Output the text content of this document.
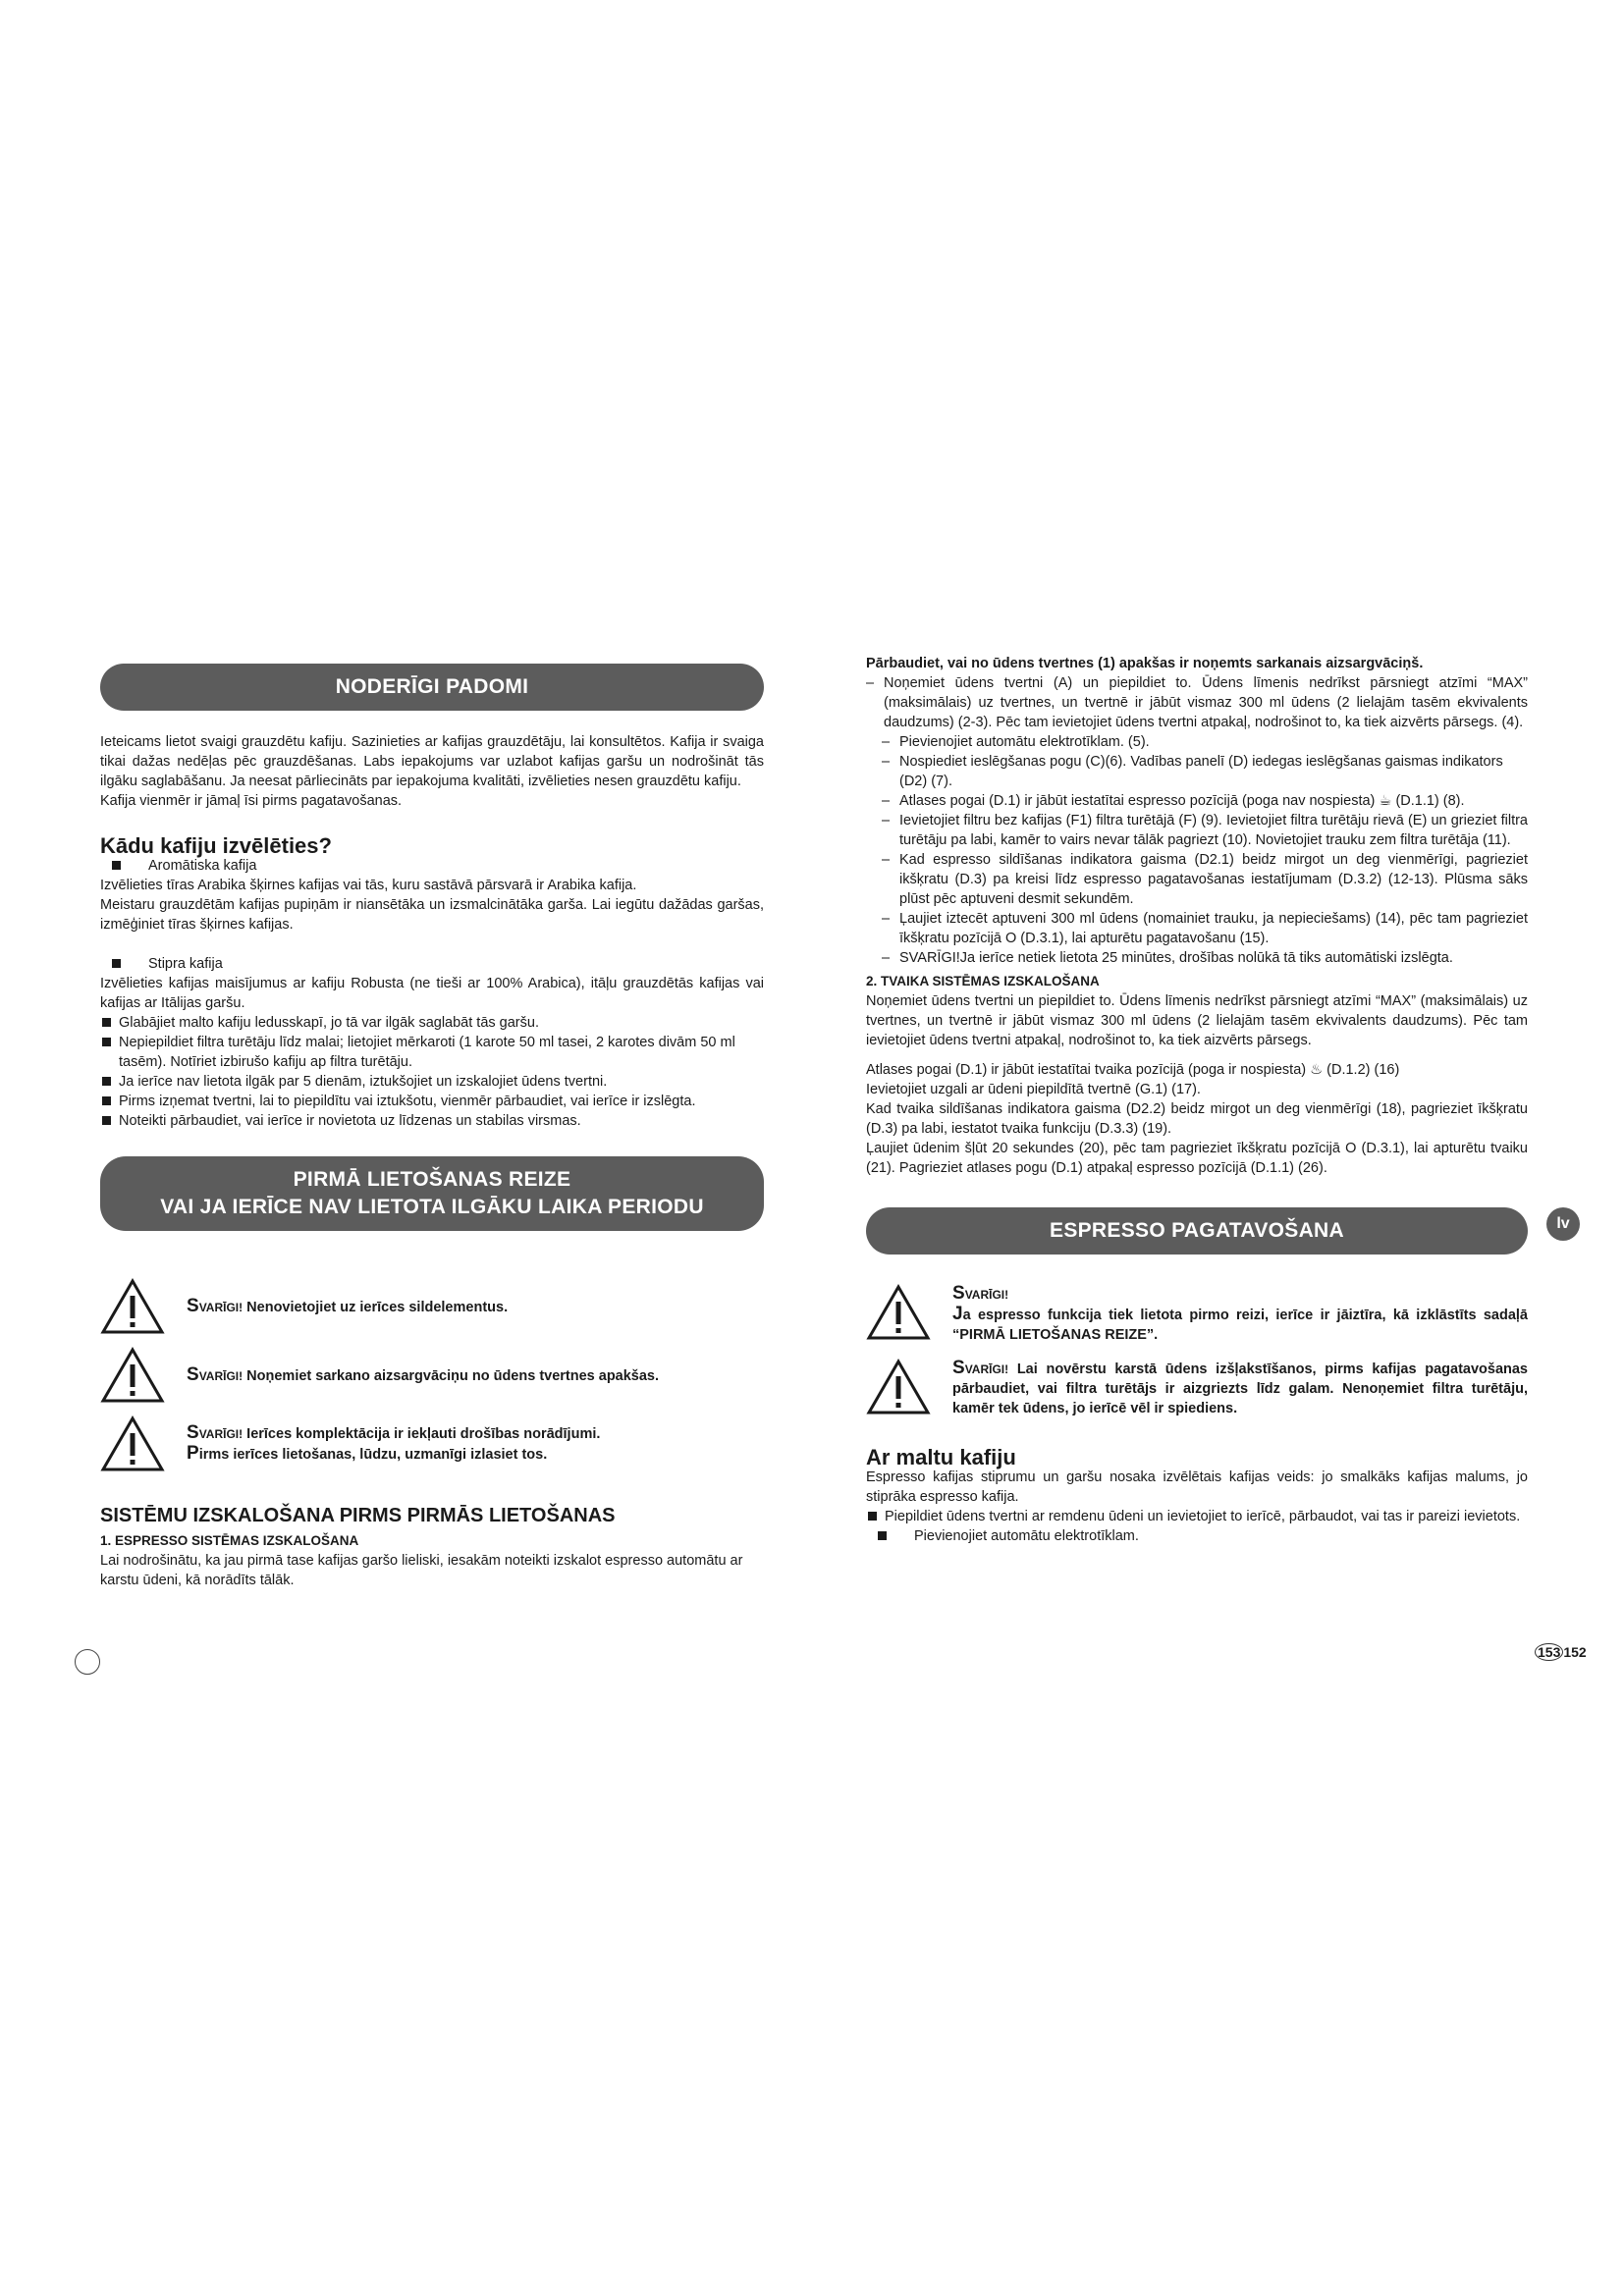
NODERĪGI PADOMI

Ieteicams lietot svaigi grauzdētu kafiju. Sazinieties ar kafijas grauzdētāju, lai konsultētos. Kafija ir svaiga tikai dažas nedēļas pēc grauzdēšanas. Labs iepakojums var uzlabot kafijas garšu un nodrošināt tās ilgāku saglabāšanu. Ja neesat pārliecināts par iepakojuma kvalitāti, izvēlieties nesen grauzdētu kafiju.

Kafija vienmēr ir jāmaļ īsi pirms pagatavošanas.

Kādu kafiju izvēlēties?
Aromātiska kafija

Izvēlieties tīras Arabika šķirnes kafijas vai tās, kuru sastāvā pārsvarā ir Arabika kafija.

Meistaru grauzdētām kafijas pupiņām ir niansētāka un izsmalcinātāka garša. Lai iegūtu dažādas garšas, izmēģiniet tīras šķirnes kafijas.

Stipra kafija

Izvēlieties kafijas maisījumus ar kafiju Robusta (ne tieši ar 100% Arabica), itāļu grauzdētās kafijas vai kafijas ar Itālijas garšu.

Glabājiet malto kafiju ledusskapī, jo tā var ilgāk saglabāt tās garšu.
Nepiepildiet filtra turētāju līdz malai; lietojiet mērkaroti (1 karote 50 ml tasei, 2 karotes divām 50 ml tasēm). Notīriet izbirušo kafiju ap filtra turētāju.
Ja ierīce nav lietota ilgāk par 5 dienām, iztukšojiet un izskalojiet ūdens tvertni.
Pirms izņemat tvertni, lai to piepildītu vai iztukšotu, vienmēr pārbaudiet, vai ierīce ir izslēgta.
Noteikti pārbaudiet, vai ierīce ir novietota uz līdzenas un stabilas virsmas.
PIRMĀ LIETOŠANAS REIZE
VAI JA IERĪCE NAV LIETOTA ILGĀKU LAIKA PERIODU
SVARĪGI! Nenovietojiet uz ierīces sildelementus.
SVARĪGI! Noņemiet sarkano aizsargvāciņu no ūdens tvertnes apakšas.
SVARĪGI! Ierīces komplektācija ir iekļauti drošības norādījumi.
Pirms ierīces lietošanas, lūdzu, uzmanīgi izlasiet tos.
SISTĒMU IZSKALOŠANA PIRMS PIRMĀS LIETOŠANAS
1. ESPRESSO SISTĒMAS IZSKALOŠANA

Lai nodrošinātu, ka jau pirmā tase kafijas garšo lieliski, iesakām noteikti izskalot espresso automātu ar karstu ūdeni, kā norādīts tālāk.

Pārbaudiet, vai no ūdens tvertnes (1) apakšas ir noņemts sarkanais aizsargvāciņš.

– Noņemiet ūdens tvertni (A) un piepildiet to. Ūdens līmenis nedrīkst pārsniegt atzīmi “MAX” (maksimālais) uz tvertnes, un tvertnē ir jābūt vismaz 300 ml ūdens (2 lielajām tasēm ekvivalents daudzums) (2-3). Pēc tam ievietojiet ūdens tvertni atpakaļ, nodrošinot to, ka tiek aizvērts pārsegs. (4).
– Pievienojiet automātu elektrotīklam. (5).
– Nospiediet ieslēgšanas pogu (C)(6). Vadības panelī (D) iedegas ieslēgšanas gaismas indikators (D2) (7).
– Atlases pogai (D.1) ir jābūt iestatītai espresso pozīcijā (poga nav nospiesta) ☕ (D.1.1) (8).
– Ievietojiet filtru bez kafijas (F1) filtra turētājā (F) (9). Ievietojiet filtra turētāju rievā (E) un grieziet filtra turētāju pa labi, kamēr to vairs nevar tālāk pagriezt (10). Novietojiet trauku zem filtra turētāja (11).
– Kad espresso sildīšanas indikatora gaisma (D2.1) beidz mirgot un deg vienmērīgi, pagrieziet ikšķratu (D.3) pa kreisi līdz espresso pagatavošanas iestatījumam (D.3.2) (12-13). Plūsma sāks plūst pēc aptuveni desmit sekundēm.
– Ļaujiet iztecēt aptuveni 300 ml ūdens (nomainiet trauku, ja nepieciešams) (14), pēc tam pagrieziet īkšķratu pozīcijā O (D.3.1), lai apturētu pagatavošanu (15).
– SVARĪGI!Ja ierīce netiek lietota 25 minūtes, drošības nolūkā tā tiks automātiski izslēgta.
2. TVAIKA SISTĒMAS IZSKALOŠANA

Noņemiet ūdens tvertni un piepildiet to. Ūdens līmenis nedrīkst pārsniegt atzīmi “MAX” (maksimālais) uz tvertnes, un tvertnē ir jābūt vismaz 300 ml ūdens (2 lielajām tasēm ekvivalents daudzums). Pēc tam ievietojiet ūdens tvertni atpakaļ, nodrošinot to, ka tiek aizvērts pārsegs.

Atlases pogai (D.1) ir jābūt iestatītai tvaika pozīcijā (poga ir nospiesta) ♨ (D.1.2) (16)

Ievietojiet uzgali ar ūdeni piepildītā tvertnē (G.1) (17).

Kad tvaika sildīšanas indikatora gaisma (D2.2) beidz mirgot un deg vienmērīgi (18), pagrieziet īkšķratu (D.3) pa labi, iestatot tvaika funkciju (D.3.3) (19).

Ļaujiet ūdenim šļūt 20 sekundes (20), pēc tam pagrieziet īkšķratu pozīcijā O (D.3.1), lai apturētu tvaiku (21). Pagrieziet atlases pogu (D.1) atpakaļ espresso pozīcijā (D.1.1) (26).

ESPRESSO PAGATAVOŠANA
SVARĪGI!

Ja espresso funkcija tiek lietota pirmo reizi, ierīce ir jāiztīra, kā izklāstīts sadaļā “PIRMĀ LIETOŠANAS REIZE”.
SVARĪGI! Lai novērstu karstā ūdens izšļakstīšanos, pirms kafijas pagatavošanas pārbaudiet, vai filtra turētājs ir aizgriezts līdz galam. Nenoņemiet filtra turētāju, kamēr tek ūdens, jo ierīcē vēl ir spiediens.
Ar maltu kafiju

Espresso kafijas stiprumu un garšu nosaka izvēlētais kafijas veids: jo smalkāks kafijas malums, jo stiprāka espresso kafija.

Piepildiet ūdens tvertni ar remdenu ūdeni un ievietojiet to ierīcē, pārbaudot, vai tas ir pareizi ievietots.
Pievienojiet automātu elektrotīklam.
lv
153 152
